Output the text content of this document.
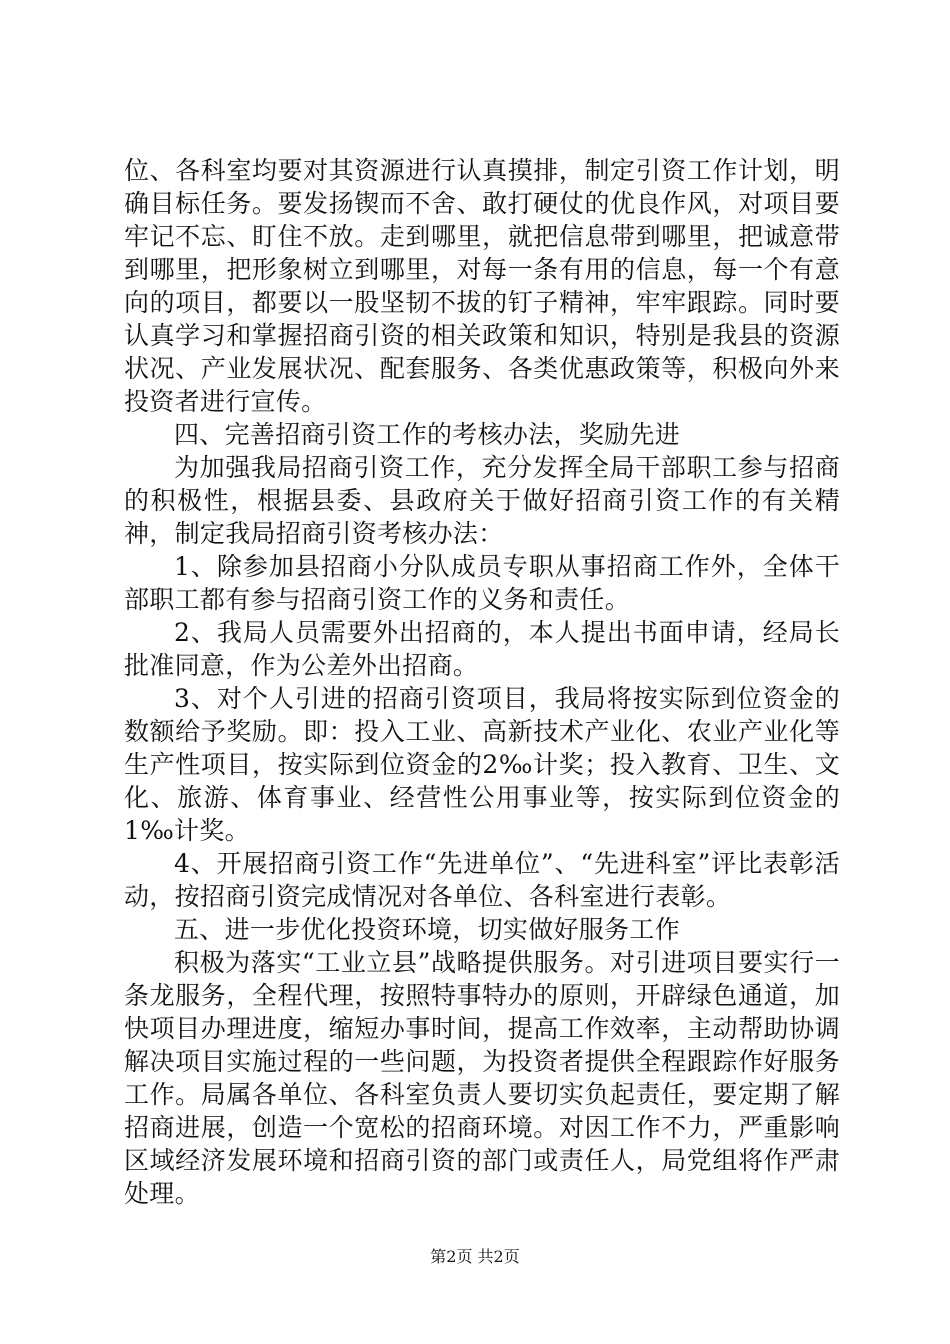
位、各科室均要对其资源进行认真摸排，制定引资工作计划，明确目标任务。要发扬锲而不舍、敢打硬仗的优良作风，对项目要牢记不忘、盯住不放。走到哪里，就把信息带到哪里，把诚意带到哪里，把形象树立到哪里，对每一条有用的信息，每一个有意向的项目，都要以一股坚韧不拔的钉子精神，牢牢跟踪。同时要认真学习和掌握招商引资的相关政策和知识，特别是我县的资源状况、产业发展状况、配套服务、各类优惠政策等，积极向外来投资者进行宣传。

四、完善招商引资工作的考核办法，奖励先进

为加强我局招商引资工作，充分发挥全局干部职工参与招商的积极性，根据县委、县政府关于做好招商引资工作的有关精神，制定我局招商引资考核办法：

1、除参加县招商小分队成员专职从事招商工作外，全体干部职工都有参与招商引资工作的义务和责任。

2、我局人员需要外出招商的，本人提出书面申请，经局长批准同意，作为公差外出招商。

3、对个人引进的招商引资项目，我局将按实际到位资金的数额给予奖励。即：投入工业、高新技术产业化、农业产业化等生产性项目，按实际到位资金的2‰计奖；投入教育、卫生、文化、旅游、体育事业、经营性公用事业等，按实际到位资金的1‰计奖。

4、开展招商引资工作“先进单位”、“先进科室”评比表彰活动，按招商引资完成情况对各单位、各科室进行表彰。

五、进一步优化投资环境，切实做好服务工作

积极为落实“工业立县”战略提供服务。对引进项目要实行一条龙服务，全程代理，按照特事特办的原则，开辟绿色通道，加快项目办理进度，缩短办事时间，提高工作效率，主动帮助协调解决项目实施过程的一些问题，为投资者提供全程跟踪作好服务工作。局属各单位、各科室负责人要切实负起责任，要定期了解招商进展，创造一个宽松的招商环境。对因工作不力，严重影响区域经济发展环境和招商引资的部门或责任人，局党组将作严肃处理。

第2页 共2页
